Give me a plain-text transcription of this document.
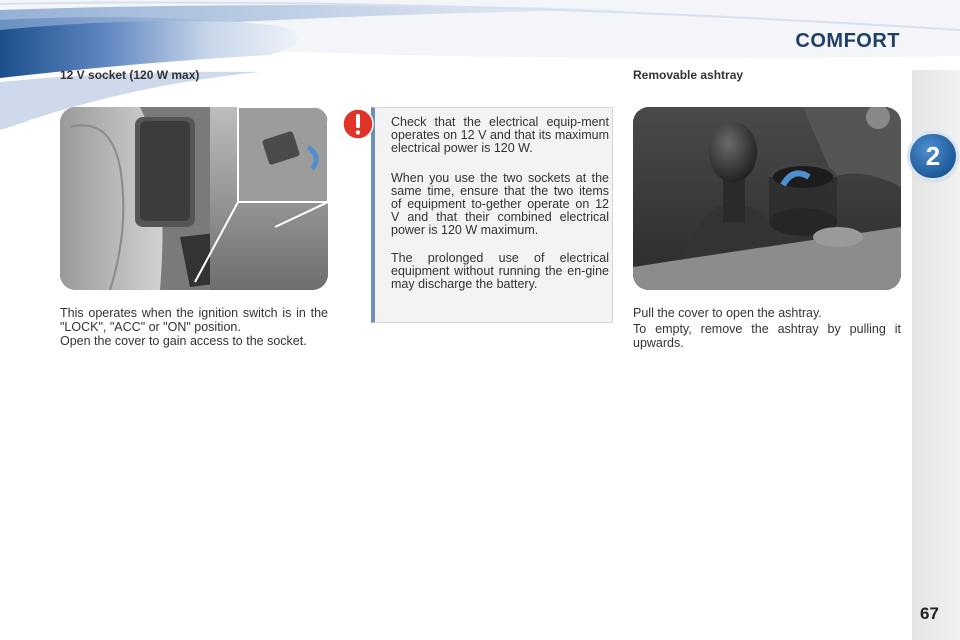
COMFORT
2
67
12 V socket (120 W max)

This operates when the ignition switch is in the "LOCK", "ACC" or "ON" position.

Open the cover to gain access to the socket.

Check that the electrical equip-ment operates on 12 V and that its maximum electrical power is 120 W.

When you use the two sockets at the same time, ensure that the two items of equipment to-gether operate on 12 V and that their combined electrical power is 120 W maximum.

The prolonged use of electrical equipment without running the en-gine may discharge the battery.

Removable ashtray

Pull the cover to open the ashtray.

To empty, remove the ashtray by pulling it upwards.
